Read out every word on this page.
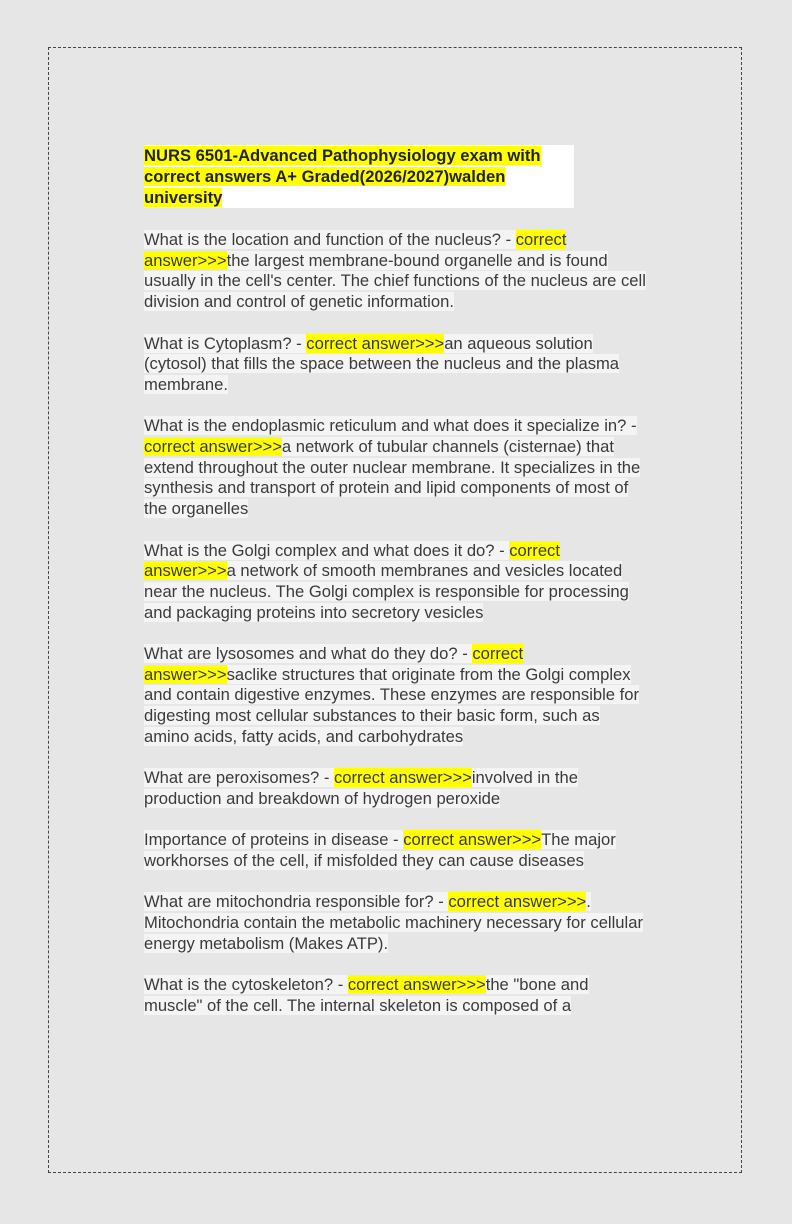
NURS 6501-Advanced Pathophysiology exam with correct answers A+ Graded(2026/2027)walden university
What is the location and function of the nucleus? - correct answer>>>the largest membrane-bound organelle and is found usually in the cell's center. The chief functions of the nucleus are cell division and control of genetic information.
What is Cytoplasm? - correct answer>>>an aqueous solution (cytosol) that fills the space between the nucleus and the plasma membrane.
What is the endoplasmic reticulum and what does it specialize in? - correct answer>>>a network of tubular channels (cisternae) that extend throughout the outer nuclear membrane. It specializes in the synthesis and transport of protein and lipid components of most of the organelles
What is the Golgi complex and what does it do? - correct answer>>>a network of smooth membranes and vesicles located near the nucleus. The Golgi complex is responsible for processing and packaging proteins into secretory vesicles
What are lysosomes and what do they do? - correct answer>>>saclike structures that originate from the Golgi complex and contain digestive enzymes. These enzymes are responsible for digesting most cellular substances to their basic form, such as amino acids, fatty acids, and carbohydrates
What are peroxisomes? - correct answer>>>involved in the production and breakdown of hydrogen peroxide
Importance of proteins in disease - correct answer>>>The major workhorses of the cell, if misfolded they can cause diseases
What are mitochondria responsible for? - correct answer>>>. Mitochondria contain the metabolic machinery necessary for cellular energy metabolism (Makes ATP).
What is the cytoskeleton? - correct answer>>>the "bone and muscle" of the cell. The internal skeleton is composed of a
